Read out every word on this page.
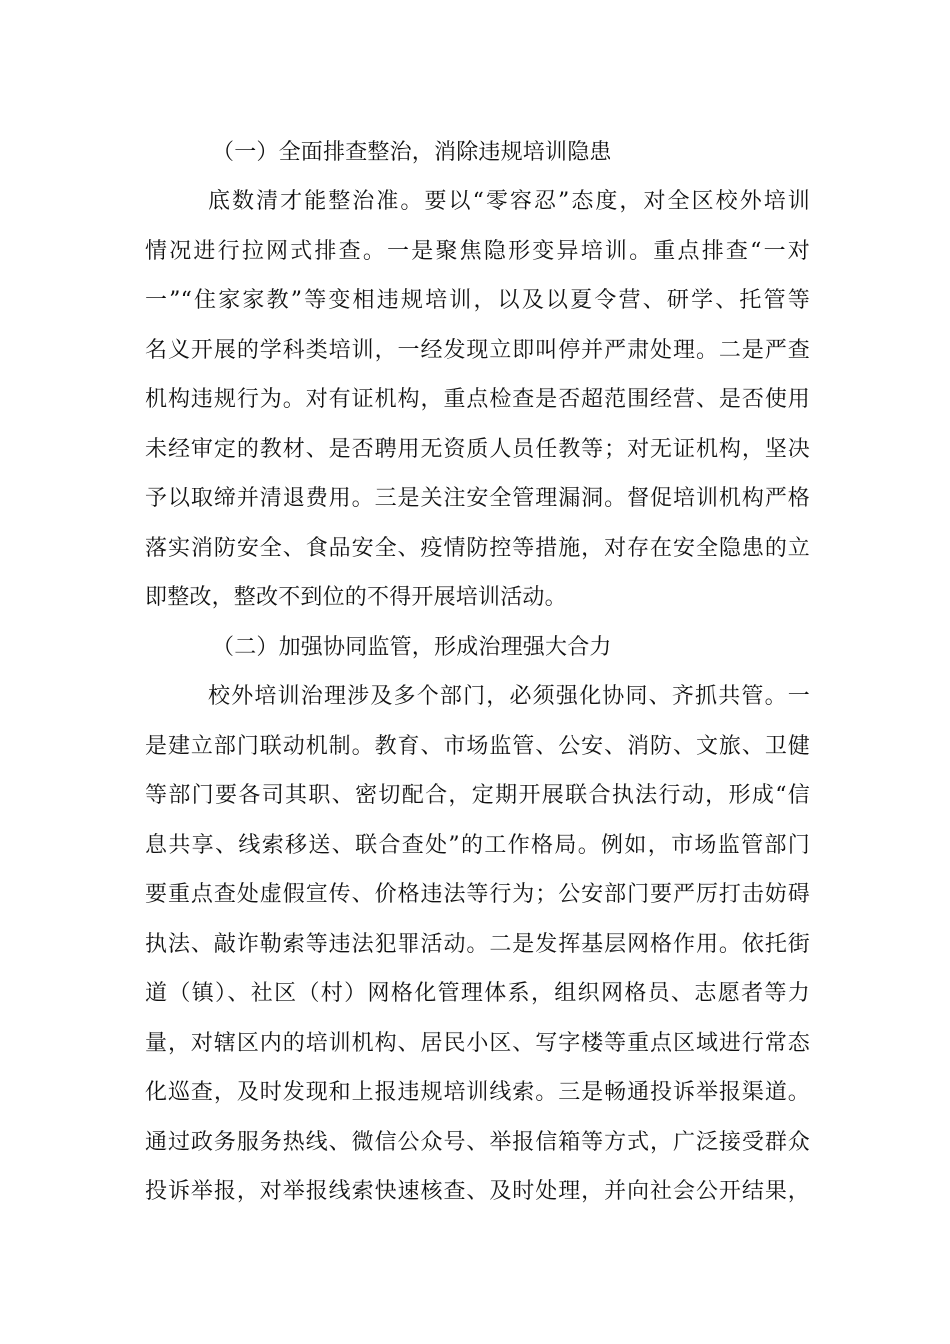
（一）全面排查整治，消除违规培训隐患
底数清才能整治准。要以“零容忍”态度，对全区校外培训
情况进行拉网式排查。一是聚焦隐形变异培训。重点排查“一对
一”“住家家教”等变相违规培训，以及以夏令营、研学、托管等
名义开展的学科类培训，一经发现立即叫停并严肃处理。二是严查
机构违规行为。对有证机构，重点检查是否超范围经营、是否使用
未经审定的教材、是否聘用无资质人员任教等；对无证机构，坚决
予以取缔并清退费用。三是关注安全管理漏洞。督促培训机构严格
落实消防安全、食品安全、疫情防控等措施，对存在安全隐患的立
即整改，整改不到位的不得开展培训活动。
（二）加强协同监管，形成治理强大合力
校外培训治理涉及多个部门，必须强化协同、齐抓共管。一
是建立部门联动机制。教育、市场监管、公安、消防、文旅、卫健
等部门要各司其职、密切配合，定期开展联合执法行动，形成“信
息共享、线索移送、联合查处”的工作格局。例如，市场监管部门
要重点查处虚假宣传、价格违法等行为；公安部门要严厉打击妨碍
执法、敲诈勒索等违法犯罪活动。二是发挥基层网格作用。依托街
道（镇）、社区（村）网格化管理体系，组织网格员、志愿者等力
量，对辖区内的培训机构、居民小区、写字楼等重点区域进行常态
化巡查，及时发现和上报违规培训线索。三是畅通投诉举报渠道。
通过政务服务热线、微信公众号、举报信箱等方式，广泛接受群众
投诉举报，对举报线索快速核查、及时处理，并向社会公开结果，
